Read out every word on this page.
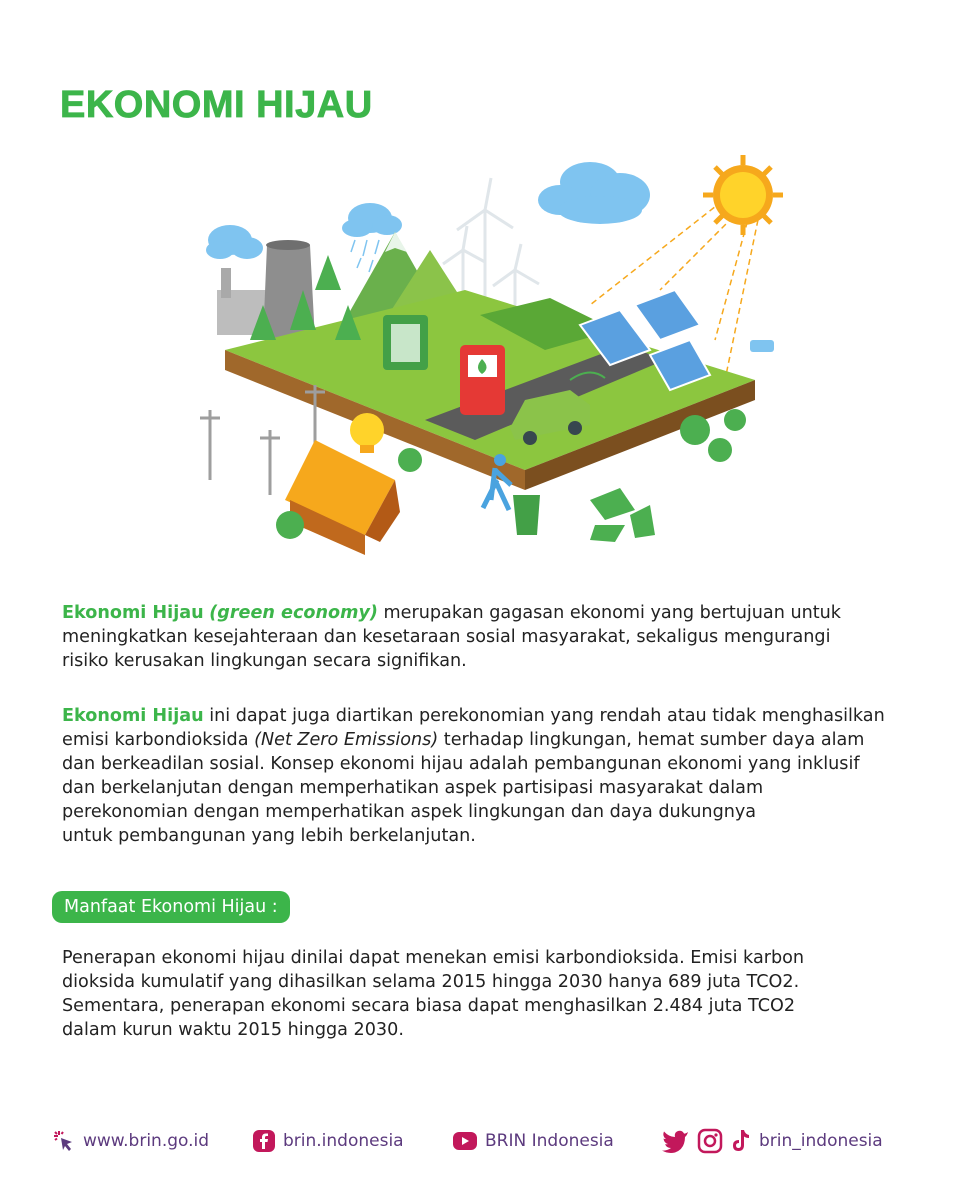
EKONOMI HIJAU
Ekonomi Hijau (green economy) merupakan gagasan ekonomi yang bertujuan untuk
meningkatkan kesejahteraan dan kesetaraan sosial masyarakat, sekaligus mengurangi
risiko kerusakan lingkungan secara signifikan.
Ekonomi Hijau ini dapat juga diartikan perekonomian yang rendah atau tidak menghasilkan
emisi karbondioksida (Net Zero Emissions) terhadap lingkungan, hemat sumber daya alam
dan berkeadilan sosial. Konsep ekonomi hijau adalah pembangunan ekonomi yang inklusif
dan berkelanjutan dengan memperhatikan aspek partisipasi masyarakat dalam
perekonomian dengan memperhatikan aspek lingkungan dan daya dukungnya
untuk pembangunan yang lebih berkelanjutan.
Manfaat Ekonomi Hijau :
Penerapan ekonomi hijau dinilai dapat menekan emisi karbondioksida. Emisi karbon
dioksida kumulatif yang dihasilkan selama 2015 hingga 2030 hanya 689 juta TCO2.
Sementara, penerapan ekonomi secara biasa dapat menghasilkan 2.484 juta TCO2
dalam kurun waktu 2015 hingga 2030.
www.brin.go.id	brin.indonesia	BRIN Indonesia	brin_indonesia
